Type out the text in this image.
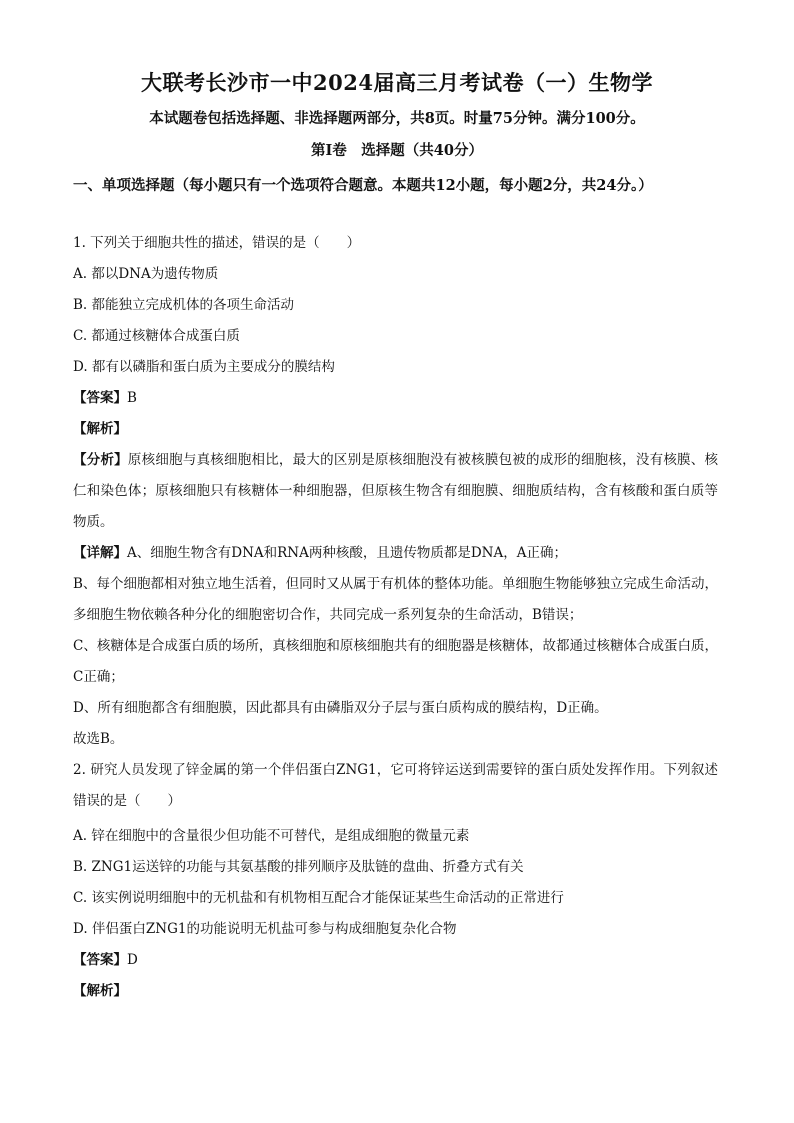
大联考长沙市一中2024届高三月考试卷（一）生物学
本试题卷包括选择题、非选择题两部分，共8页。时量75分钟。满分100分。
第Ⅰ卷　选择题（共40分）
一、单项选择题（每小题只有一个选项符合题意。本题共12小题，每小题2分，共24分。）
1. 下列关于细胞共性的描述，错误的是（　　）
A. 都以DNA为遗传物质
B. 都能独立完成机体的各项生命活动
C. 都通过核糖体合成蛋白质
D. 都有以磷脂和蛋白质为主要成分的膜结构
【答案】B
【解析】
【分析】原核细胞与真核细胞相比，最大的区别是原核细胞没有被核膜包被的成形的细胞核，没有核膜、核仁和染色体；原核细胞只有核糖体一种细胞器，但原核生物含有细胞膜、细胞质结构，含有核酸和蛋白质等物质。
【详解】A、细胞生物含有DNA和RNA两种核酸，且遗传物质都是DNA，A正确；
B、每个细胞都相对独立地生活着，但同时又从属于有机体的整体功能。单细胞生物能够独立完成生命活动，多细胞生物依赖各种分化的细胞密切合作，共同完成一系列复杂的生命活动，B错误；
C、核糖体是合成蛋白质的场所，真核细胞和原核细胞共有的细胞器是核糖体，故都通过核糖体合成蛋白质，C正确；
D、所有细胞都含有细胞膜，因此都具有由磷脂双分子层与蛋白质构成的膜结构，D正确。
故选B。
2. 研究人员发现了锌金属的第一个伴侣蛋白ZNG1，它可将锌运送到需要锌的蛋白质处发挥作用。下列叙述错误的是（　　）
A. 锌在细胞中的含量很少但功能不可替代，是组成细胞的微量元素
B. ZNG1运送锌的功能与其氨基酸的排列顺序及肽链的盘曲、折叠方式有关
C. 该实例说明细胞中的无机盐和有机物相互配合才能保证某些生命活动的正常进行
D. 伴侣蛋白ZNG1的功能说明无机盐可参与构成细胞复杂化合物
【答案】D
【解析】
